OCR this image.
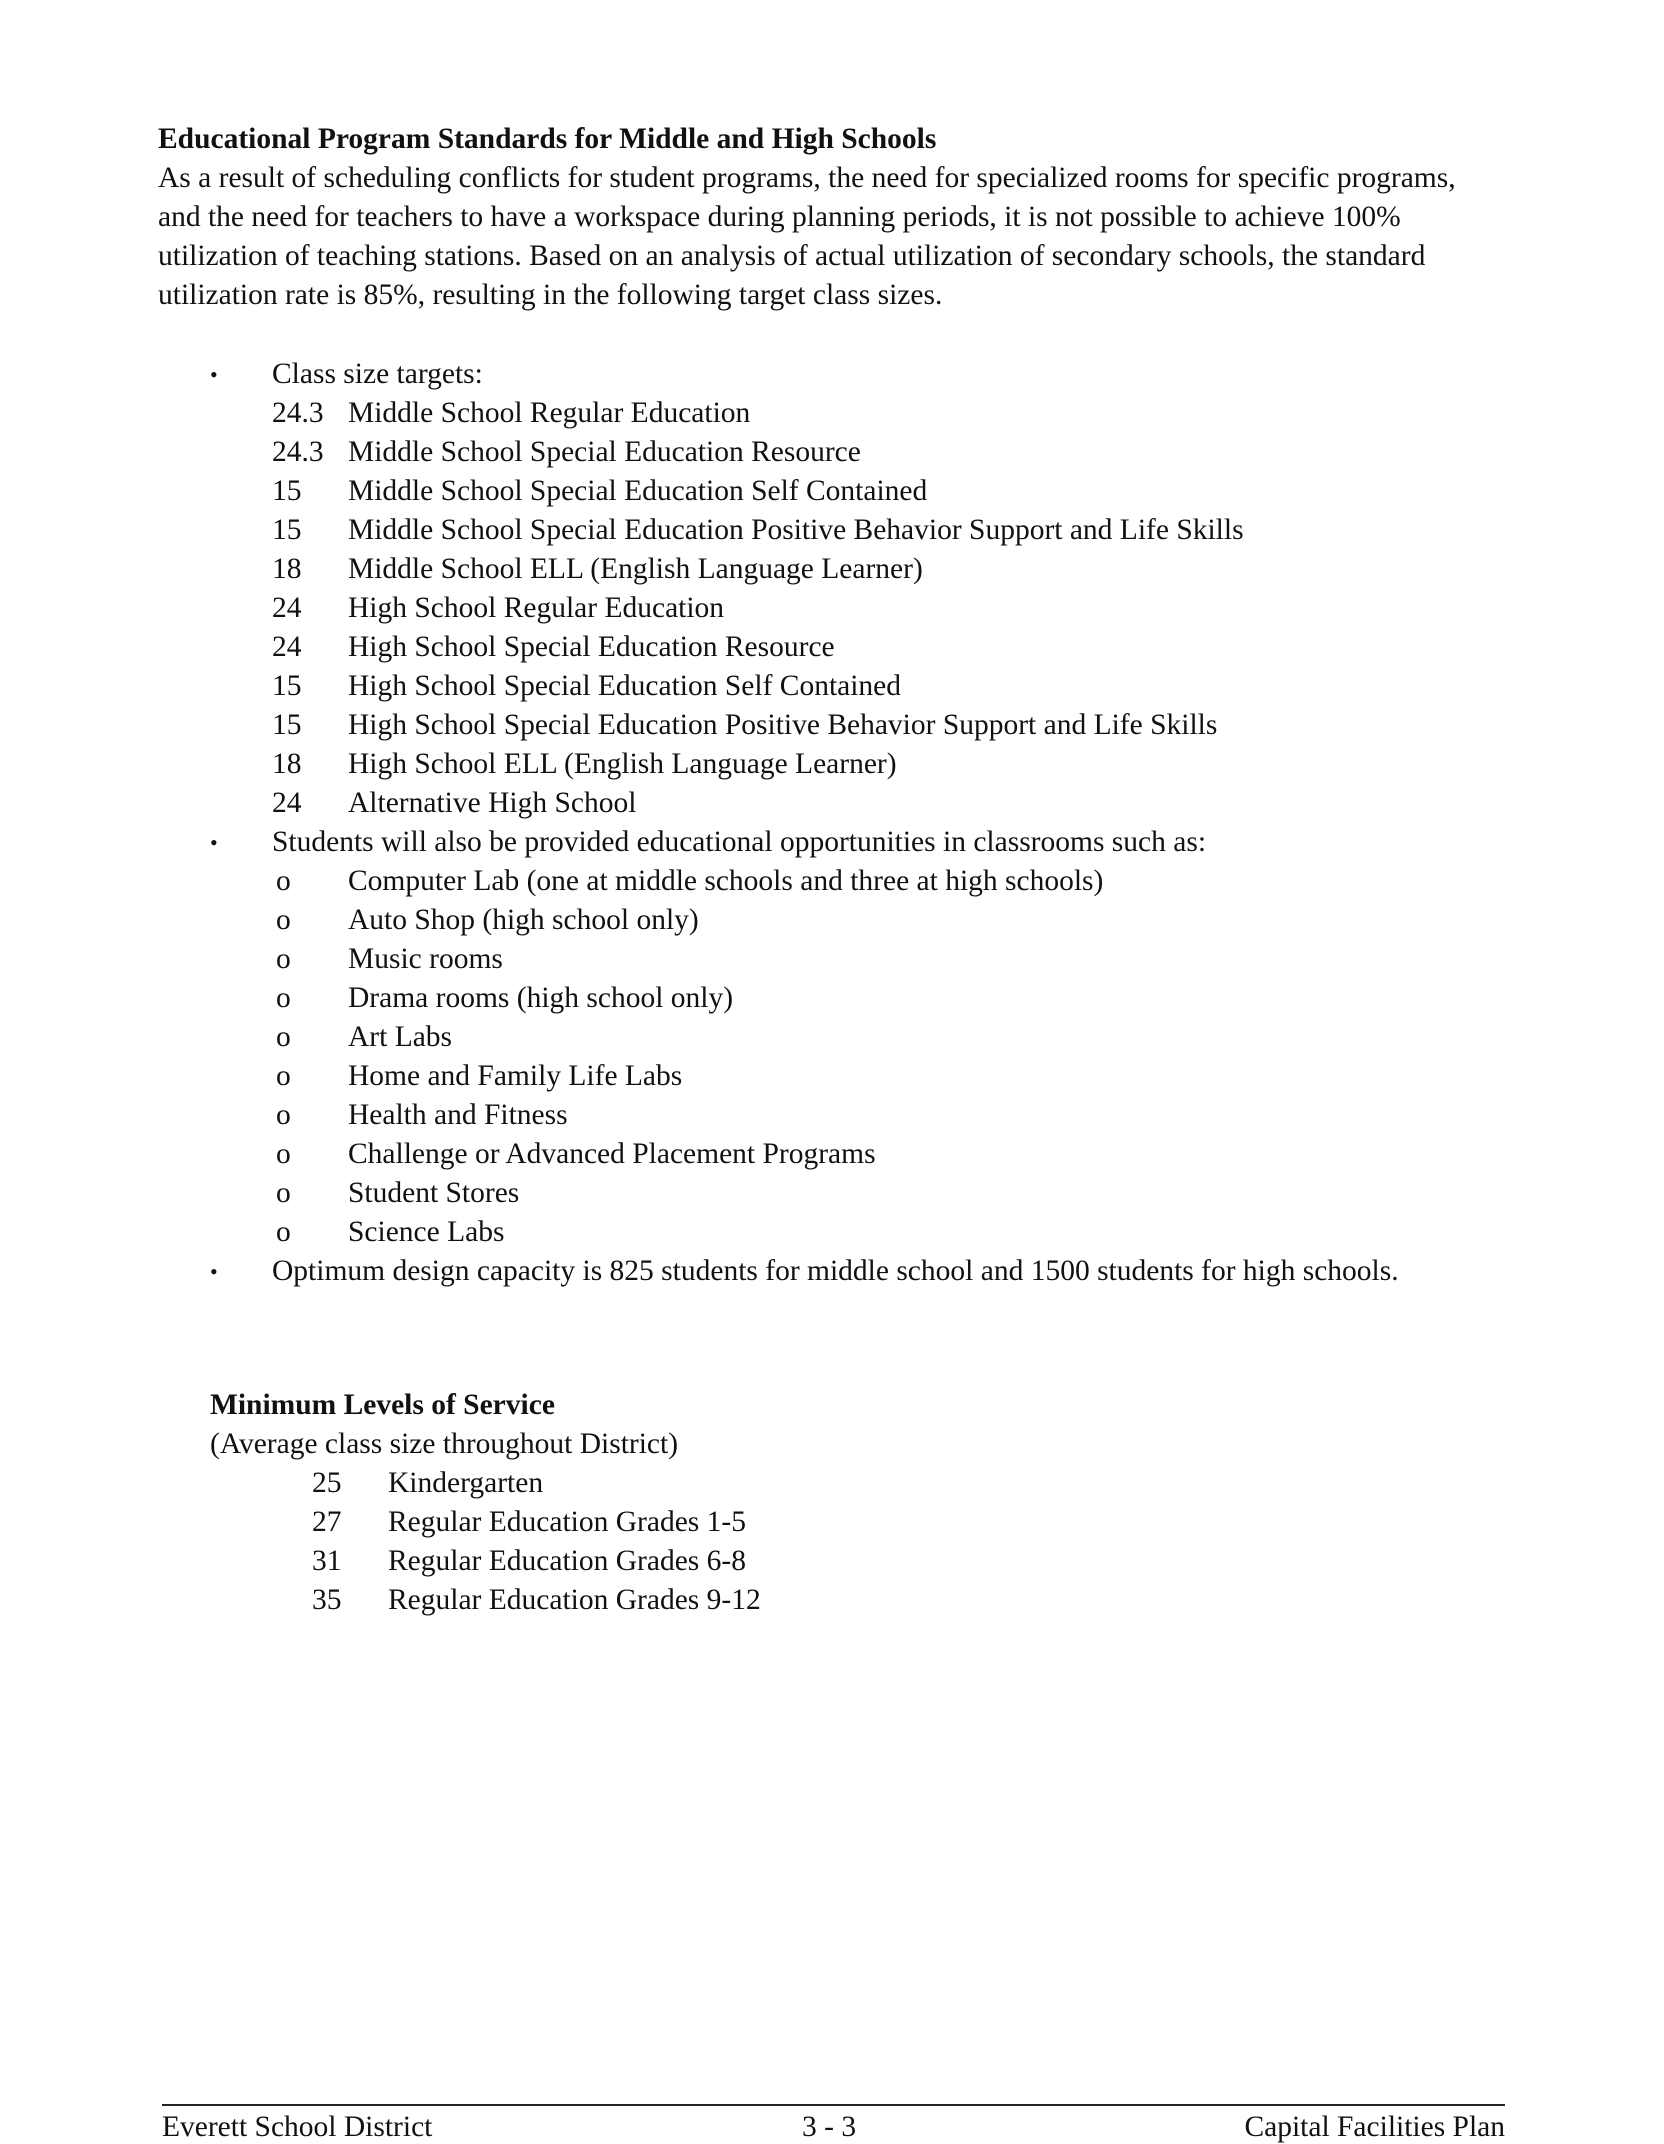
Educational Program Standards for Middle and High Schools

As a result of scheduling conflicts for student programs, the need for specialized rooms for specific programs, and the need for teachers to have a workspace during planning periods, it is not possible to achieve 100% utilization of teaching stations. Based on an analysis of actual utilization of secondary schools, the standard utilization rate is 85%, resulting in the following target class sizes.

• Class size targets:
24.3 Middle School Regular Education
24.3 Middle School Special Education Resource
15	Middle School Special Education Self Contained
15	Middle School Special Education Positive Behavior Support and Life Skills
18	Middle School ELL (English Language Learner)
24	High School Regular Education
24	High School Special Education Resource
15	High School Special Education Self Contained
15	High School Special Education Positive Behavior Support and Life Skills
18	High School ELL (English Language Learner)
24	Alternative High School
• Students will also be provided educational opportunities in classrooms such as:
o	Computer Lab (one at middle schools and three at high schools)
o	Auto Shop (high school only)
o	Music rooms
o	Drama rooms (high school only)
o	Art Labs
o	Home and Family Life Labs
o	Health and Fitness
o	Challenge or Advanced Placement Programs
o	Student Stores
o	Science Labs
• Optimum design capacity is 825 students for middle school and 1500 students for high schools.
Minimum Levels of Service
(Average class size throughout District)
25	Kindergarten
27	Regular Education Grades 1-5
31	Regular Education Grades 6-8
35	Regular Education Grades 9-12
Everett School District	3 - 3	Capital Facilities Plan
